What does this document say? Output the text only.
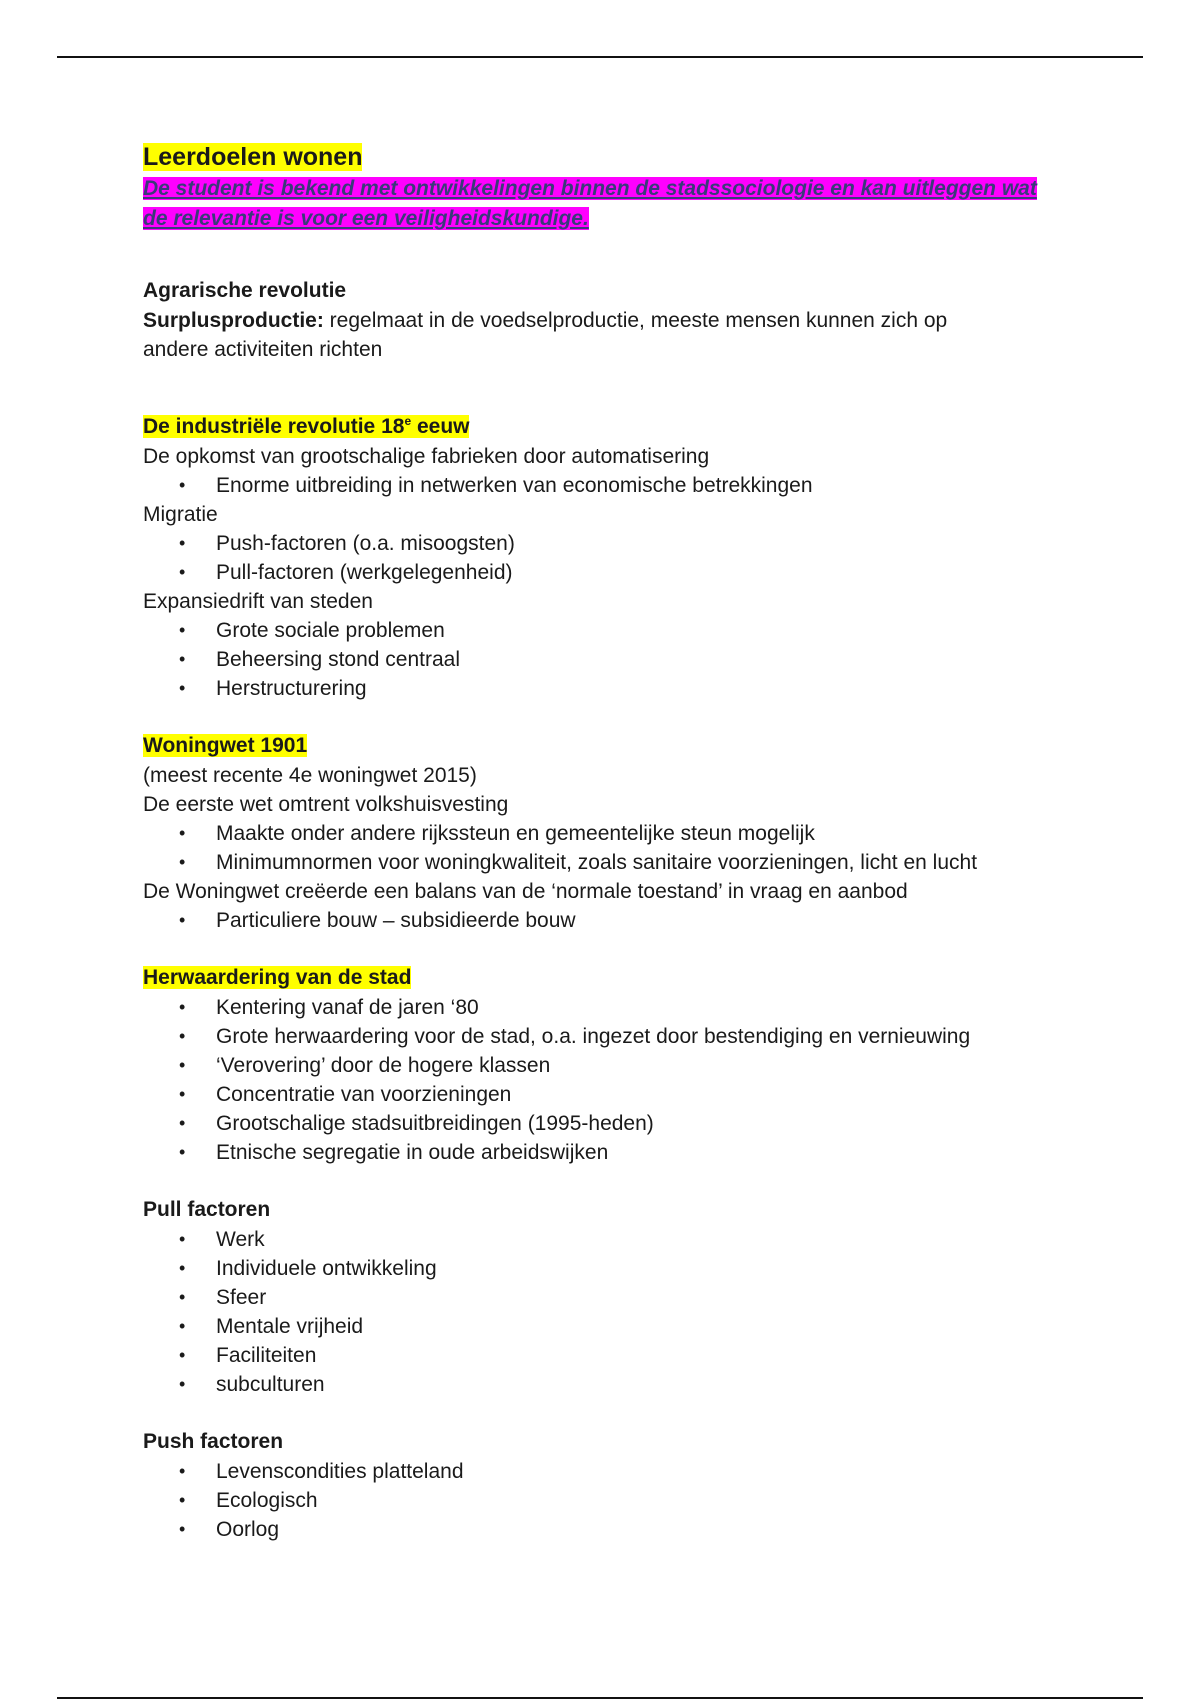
Leerdoelen wonen

De student is bekend met ontwikkelingen binnen de stadssociologie en kan uitleggen wat
de relevantie is voor een veiligheidskundige.

Agrarische revolutie

Surplusproductie: regelmaat in de voedselproductie, meeste mensen kunnen zich op

andere activiteiten richten

De industriële revolutie 18e eeuw

De opkomst van grootschalige fabrieken door automatisering

• Enorme uitbreiding in netwerken van economische betrekkingen

Migratie

• Push-factoren (o.a. misoogsten)
• Pull-factoren (werkgelegenheid)

Expansiedrift van steden

• Grote sociale problemen
• Beheersing stond centraal
• Herstructurering
Woningwet 1901

(meest recente 4e woningwet 2015)

De eerste wet omtrent volkshuisvesting

• Maakte onder andere rijkssteun en gemeentelijke steun mogelijk
• Minimumnormen voor woningkwaliteit, zoals sanitaire voorzieningen, licht en lucht

De Woningwet creëerde een balans van de ‘normale toestand’ in vraag en aanbod

• Particuliere bouw – subsidieerde bouw
Herwaardering van de stad
• Kentering vanaf de jaren ‘80
• Grote herwaardering voor de stad, o.a. ingezet door bestendiging en vernieuwing
• ‘Verovering’ door de hogere klassen
• Concentratie van voorzieningen
• Grootschalige stadsuitbreidingen (1995-heden)
• Etnische segregatie in oude arbeidswijken
Pull factoren
• Werk
• Individuele ontwikkeling
• Sfeer
• Mentale vrijheid
• Faciliteiten
• subculturen
Push factoren
• Levenscondities platteland
• Ecologisch
• Oorlog
